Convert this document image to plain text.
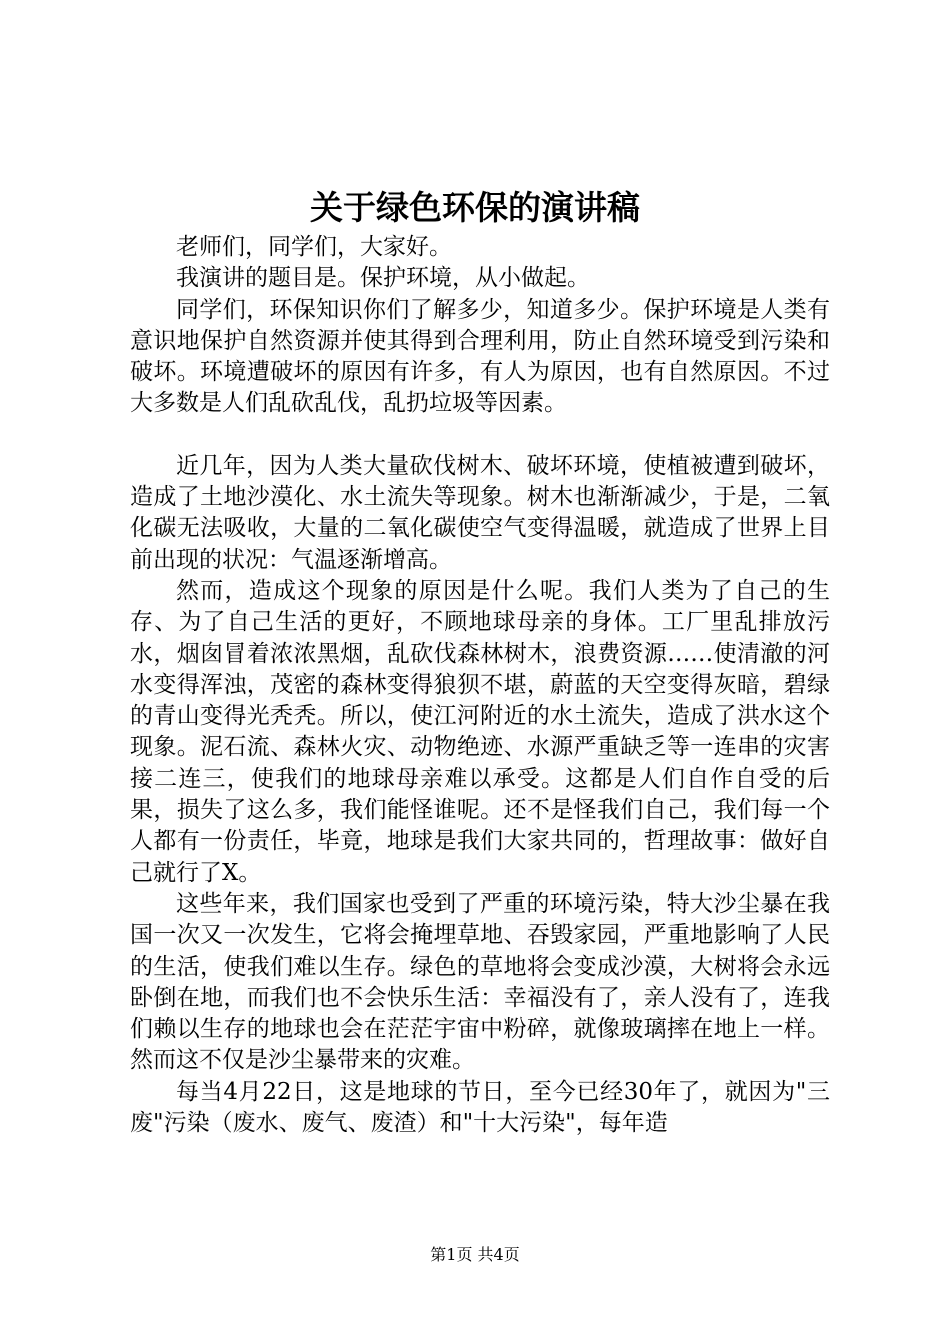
关于绿色环保的演讲稿

老师们，同学们，大家好。

我演讲的题目是。保护环境，从小做起。

同学们，环保知识你们了解多少，知道多少。保护环境是人类有意识地保护自然资源并使其得到合理利用，防止自然环境受到污染和破坏。环境遭破坏的原因有许多，有人为原因，也有自然原因。不过大多数是人们乱砍乱伐，乱扔垃圾等因素。

近几年，因为人类大量砍伐树木、破坏环境，使植被遭到破坏，造成了土地沙漠化、水土流失等现象。树木也渐渐减少，于是，二氧化碳无法吸收，大量的二氧化碳使空气变得温暖，就造成了世界上目前出现的状况：气温逐渐增高。

然而，造成这个现象的原因是什么呢。我们人类为了自己的生存、为了自己生活的更好，不顾地球母亲的身体。工厂里乱排放污水，烟囱冒着浓浓黑烟，乱砍伐森林树木，浪费资源……使清澈的河水变得浑浊，茂密的森林变得狼狈不堪，蔚蓝的天空变得灰暗，碧绿的青山变得光秃秃。所以，使江河附近的水土流失，造成了洪水这个现象。泥石流、森林火灾、动物绝迹、水源严重缺乏等一连串的灾害接二连三，使我们的地球母亲难以承受。这都是人们自作自受的后果，损失了这么多，我们能怪谁呢。还不是怪我们自己，我们每一个人都有一份责任，毕竟，地球是我们大家共同的，哲理故事：做好自己就行了X。

这些年来，我们国家也受到了严重的环境污染，特大沙尘暴在我国一次又一次发生，它将会掩埋草地、吞毁家园，严重地影响了人民的生活，使我们难以生存。绿色的草地将会变成沙漠，大树将会永远卧倒在地，而我们也不会快乐生活：幸福没有了，亲人没有了，连我们赖以生存的地球也会在茫茫宇宙中粉碎，就像玻璃摔在地上一样。然而这不仅是沙尘暴带来的灾难。

每当4月22日，这是地球的节日，至今已经30年了，就因为"三废"污染（废水、废气、废渣）和"十大污染"，每年造

第1页 共4页
